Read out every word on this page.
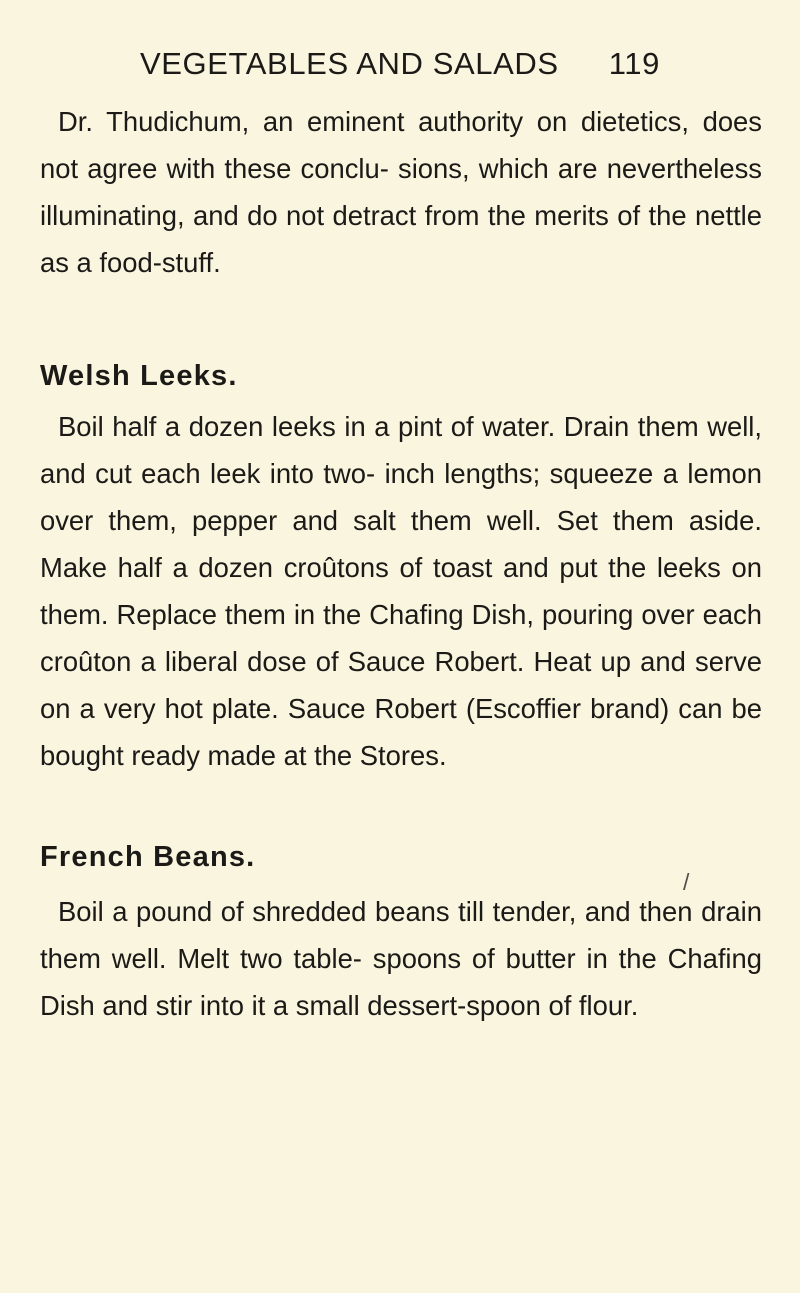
VEGETABLES AND SALADS 119

Dr. Thudichum, an eminent authority on dietetics, does not agree with these conclu- sions, which are nevertheless illuminating, and do not detract from the merits of the nettle as a food-stuff.

Welsh Leeks.

Boil half a dozen leeks in a pint of water. Drain them well, and cut each leek into two- inch lengths; squeeze a lemon over them, pepper and salt them well. Set them aside. Make half a dozen croûtons of toast and put the leeks on them. Replace them in the Chafing Dish, pouring over each croûton a liberal dose of Sauce Robert. Heat up and serve on a very hot plate. Sauce Robert (Escoffier brand) can be bought ready made at the Stores.

/
French Beans.

Boil a pound of shredded beans till tender, and then drain them well. Melt two table- spoons of butter in the Chafing Dish and stir into it a small dessert-spoon of flour.
